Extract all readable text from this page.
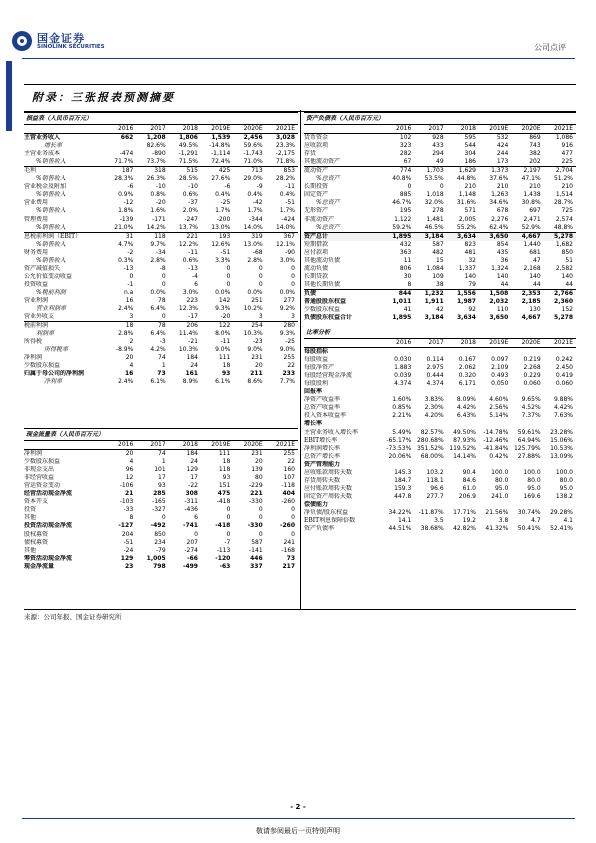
国金证券
SINOLINK SECURITIES	公司点评
附录：三张报表预测摘要
损益表（人民币百万元）
	2016	2017	2018	2019E	2020E	2021E
主营业务收入	662	1,208	1,806	1,539	2,456	3,028
增长率		82.6%	49.5%	-14.8%	59.6%	23.3%
主营业务成本	-474	-890	-1,291	-1,114	-1,743	-2,175
%销售收入	71.7%	73.7%	71.5%	72.4%	71.0%	71.8%
毛利	187	318	515	425	713	853
%销售收入	28.3%	26.3%	28.5%	27.6%	29.0%	28.2%
营业税金及附加	-6	-10	-10	-6	-9	-11
%销售收入	0.9%	0.8%	0.6%	0.4%	0.4%	0.4%
营业费用	-12	-20	-37	-25	-42	-51
%销售收入	1.8%	1.6%	2.0%	1.7%	1.7%	1.7%
管理费用	-139	-171	-247	-200	-344	-424
%销售收入	21.0%	14.2%	13.7%	13.0%	14.0%	14.0%
息税前利润（EBIT）	31	118	221	193	319	367
%销售收入	4.7%	9.7%	12.2%	12.6%	13.0%	12.1%
财务费用	-2	-34	-11	-51	-68	-90
%销售收入	0.3%	2.8%	0.6%	3.3%	2.8%	3.0%
资产减值损失	-13	-8	-13	0	0	0
公允价值变动收益	0	0	-4	0	0	0
投资收益	-1	0	6	0	0	0
%税前利润	n.a	0.0%	3.0%	0.0%	0.0%	0.0%
营业利润	16	78	223	142	251	277
营业利润率	2.4%	6.4%	12.3%	9.3%	10.2%	9.2%
营业外收支	3	0	-17	-20	3	3
税前利润	18	78	206	122	254	280
利润率	2.8%	6.4%	11.4%	8.0%	10.3%	9.3%
所得税	2	-3	-21	-11	-23	-25
所得税率	-8.9%	4.2%	10.3%	9.0%	9.0%	9.0%
净利润	20	74	184	111	231	255
少数股东损益	4	1	24	18	20	22
归属于母公司的净利润	16	73	161	93	211	233
净利率	2.4%	6.1%	8.9%	6.1%	8.6%	7.7%
现金流量表（人民币百万元）
	2016	2017	2018	2019E	2020E	2021E
净利润	20	74	184	111	231	255
少数股东损益	4	1	24	18	20	22
非现金支出	96	101	129	118	139	160
非经营收益	12	17	17	93	80	107
营运资金变动	-106	93	-22	151	-229	-118
经营活动现金净流	21	285	308	475	221	404
资本开支	-103	-165	-311	-418	-330	-260
投资	-33	-327	-436	0	0	0
其他	8	0	6	0	0	0
投资活动现金净流	-127	-492	-741	-418	-330	-260
股权募资	204	850	0	0	0	0
债权募资	-51	234	207	-7	587	241
其他	-24	-79	-274	-113	-141	-168
筹资活动现金净流	129	1,005	-66	-120	446	73
现金净流量	23	798	-499	-63	337	217
资产负债表（人民币百万元）
	2016	2017	2018	2019E	2020E	2021E
货币资金	102	928	595	532	869	1,086
应收款项	323	433	544	424	743	916
存货	282	294	304	244	382	477
其他流动资产	67	49	186	173	202	225
流动资产	774	1,703	1,629	1,373	2,197	2,704
%总资产	40.8%	53.5%	44.8%	37.6%	47.1%	51.2%
长期投资	0	0	210	210	210	210
固定资产	885	1,018	1,148	1,263	1,438	1,514
%总资产	46.7%	32.0%	31.6%	34.6%	30.8%	28.7%
无形资产	195	278	571	678	697	725
非流动资产	1,122	1,481	2,005	2,276	2,471	2,574
%总资产	59.2%	46.5%	55.2%	62.4%	52.9%	48.8%
资产总计	1,895	3,184	3,634	3,650	4,667	5,278
短期借款	432	587	823	854	1,440	1,682
应付款项	363	482	481	435	681	850
其他流动负债	11	15	32	36	47	51
流动负债	806	1,084	1,337	1,324	2,168	2,582
长期贷款	30	109	140	140	140	140
其他长期负债	8	38	79	44	44	44
负债	844	1,232	1,556	1,508	2,353	2,766
普通股股东权益	1,011	1,911	1,987	2,032	2,185	2,360
少数股东权益	41	42	92	110	130	152
负债股东权益合计	1,895	3,184	3,634	3,650	4,667	5,278
比率分析
	2016	2017	2018	2019E	2020E	2021E
每股指标						
每股收益	0.030	0.114	0.167	0.097	0.219	0.242
每股净资产	1.883	2.975	2.062	2.109	2.268	2.450
每股经营现金净流	0.039	0.444	0.320	0.493	0.229	0.419
每股股利	4.374	4.374	6.171	0.050	0.060	0.060
回报率						
净资产收益率	1.60%	3.83%	8.09%	4.60%	9.65%	9.88%
总资产收益率	0.85%	2.30%	4.42%	2.56%	4.52%	4.42%
投入资本收益率	2.21%	4.20%	6.43%	5.14%	7.37%	7.63%
增长率						
主营业务收入增长率	5.49%	82.57%	49.50%	-14.78%	59.61%	23.28%
EBIT增长率	-65.17%	280.68%	87.93%	-12.46%	64.94%	15.06%
净利润增长率	-73.53%	351.52%	119.52%	-41.84%	125.79%	10.53%
总资产增长率	20.06%	68.00%	14.14%	0.42%	27.88%	13.09%
资产管理能力						
应收账款周转天数	145.3	103.2	90.4	100.0	100.0	100.0
存货周转天数	184.7	118.1	84.6	80.0	80.0	80.0
应付账款周转天数	159.3	96.6	61.0	95.0	95.0	95.0
固定资产周转天数	447.8	277.7	206.9	241.0	169.6	138.2
偿债能力						
净负债/股东权益	34.22%	-11.87%	17.71%	21.56%	30.74%	29.28%
EBIT利息保障倍数	14.1	3.5	19.2	3.8	4.7	4.1
资产负债率	44.51%	38.68%	42.82%	41.32%	50.41%	52.41%
来源：公司年报、国金证券研究所
- 2 -
敬请参阅最后一页特别声明
